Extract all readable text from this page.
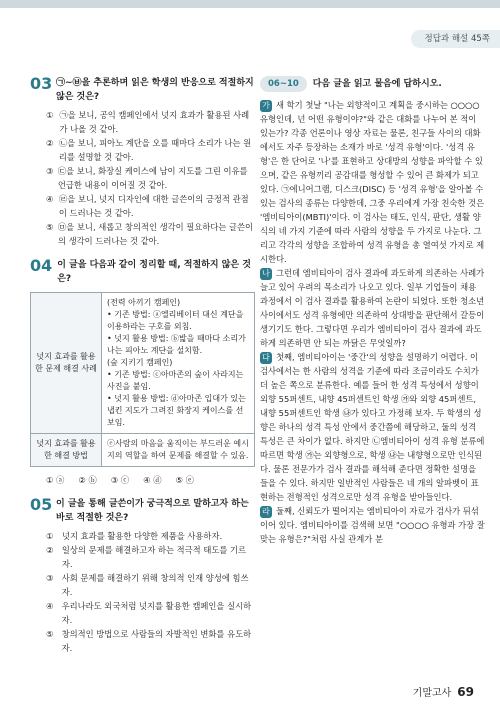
정답과 해설 45쪽
03 ㉠~㉥을 추론하며 읽은 학생의 반응으로 적절하지 않은 것은?
① ㉠을 보니, 공익 캠페인에서 넛지 효과가 활용된 사례가 나올 것 같아.
② ㉡을 보니, 피아노 계단을 오를 때마다 소리가 나는 원리를 설명할 것 같아.
③ ㉢을 보니, 화장실 케이스에 남이 지도를 그린 이유를 언급한 내용이 이어질 것 같아.
④ ㉣을 보니, 넛지 디자인에 대한 글쓴이의 긍정적 관점이 드러나는 것 같아.
⑤ ㉤을 보니, 새롭고 창의적인 생각이 필요하다는 글쓴이의 생각이 드러나는 것 같아.
04 이 글을 다음과 같이 정리할 때, 적절하지 않은 것은?
넛지 효과를 활용한 문제 해결 사례
(전력 아끼기 캠페인)
• 기존 방법: ⓐ엘리베이터 대신 계단을 이용하라는 구호를 외침.
• 넛지 활용 방법: ⓑ밟을 때마다 소리가 나는 피아노 계단을 설치함.
(숲 지키기 캠페인)
• 기존 방법: ⓒ아마존의 숲이 사라지는 사진을 붙임.
• 넛지 활용 방법: ⓓ아마존 입대가 있는 냅킨 지도가 그려진 화장지 케이스를 선보임.
넛지 효과를 활용한 해결 방법
ⓔ사람의 마음을 움직이는 부드러운 예시지의 역할을 하여 문제를 해결할 수 있음.
① ⓐ ② ⓑ ③ ⓒ ④ ⓓ ⑤ ⓔ
05 이 글을 통해 글쓴이가 궁극적으로 말하고자 하는 바로 적절한 것은?
①	넛지 효과를 활용한 다양한 제품을 사용하자.
②	일상의 문제를 해결하고자 하는 적극적 태도를 기르자.
③ 사회 문제를 해결하기 위해 창의적 인재 양성에 힘쓰자.
④ 우리나라도 외국처럼 넛지를 활용한 캠페인을 실시하자.
⑤ 창의적인 방법으로 사람들의 자발적인 변화를 유도하자.
06~10	다음 글을 읽고 물음에 답하시오.
가 새 학기 첫날 "나는 외향적이고 계획을 중시하는 ○○○○ 유형인데, 넌 어떤 유형이야?"와 같은 대화를 나누어 본 적이 있는가? 각종 언론이나 영상 자료는 물론, 친구들 사이의 대화에서도 자주 등장하는 소재가 바로 '성격 유형'이다. '성격 유형'은 한 단어로 '나'를 표현하고 상대방의 성향을 파악할 수 있으며, 같은 유형끼리 공감대를 형성할 수 있어 큰 화제가 되고 있다. ㉠에니어그램, 디스크(DISC) 등 '성격 유형'을 알아볼 수 있는 검사의 종류는 다양한데, 그중 우리에게 가장 친숙한 것은 '엠비티아이(MBTI)'이다. 이 검사는 태도, 인식, 판단, 생활 양식의 네 가지 기준에 따라 사람의 성향을 두 가지로 나눈다. 그리고 각각의 성향을 조합하여 성격 유형을 총 열여섯 가지로 제시한다.
나 그런데 엠비티아이 검사 결과에 과도하게 의존하는 사례가 늘고 있어 우려의 목소리가 나오고 있다. 일부 기업들이 채용 과정에서 이 검사 결과를 활용하여 논란이 되었다. 또한 청소년 사이에서도 성격 유형에만 의존하여 상대방을 판단해서 갈등이 생기기도 한다. 그렇다면 우리가 엠비티아이 검사 결과에 과도하게 의존하면 안 되는 까닭은 무엇일까?
다 첫째, 엠비티아이는 '중간'의 성향을 설명하기 어렵다. 이 검사에서는 한 사람의 성격을 기준에 따라 조금이라도 수치가 더 높은 쪽으로 분류한다. 예를 들어 한 성격 특성에서 성향이 외향 55퍼센트, 내향 45퍼센트인 학생 ㉮와 외향 45퍼센트, 내향 55퍼센트인 학생 ㉯가 있다고 가정해 보자. 두 학생의 성향은 하나의 성격 특성 안에서 중간쯤에 해당하고, 둘의 성격 특성은 큰 차이가 없다. 하지만 ㉡엠비티아이 성격 유형 분류에 따르면 학생 ㉮는 외향형으로, 학생 ㉯는 내향형으로만 인식된다. 물론 전문가가 검사 결과를 해석해 준다면 정확한 설명을 들을 수 있다. 하지만 일반적인 사람들은 네 개의 알파벳이 표현하는 전형적인 성격으로만 성격 유형을 받아들인다.
라 둘째, 신뢰도가 떨어지는 엠비티아이 자료가 검사가 뒤섞이어 있다. 엠비티아이를 검색해 보면 "○○○○ 유형과 가장 잘 맞는 유형은?"처럼 사실 관계가 분
기말고사 69
